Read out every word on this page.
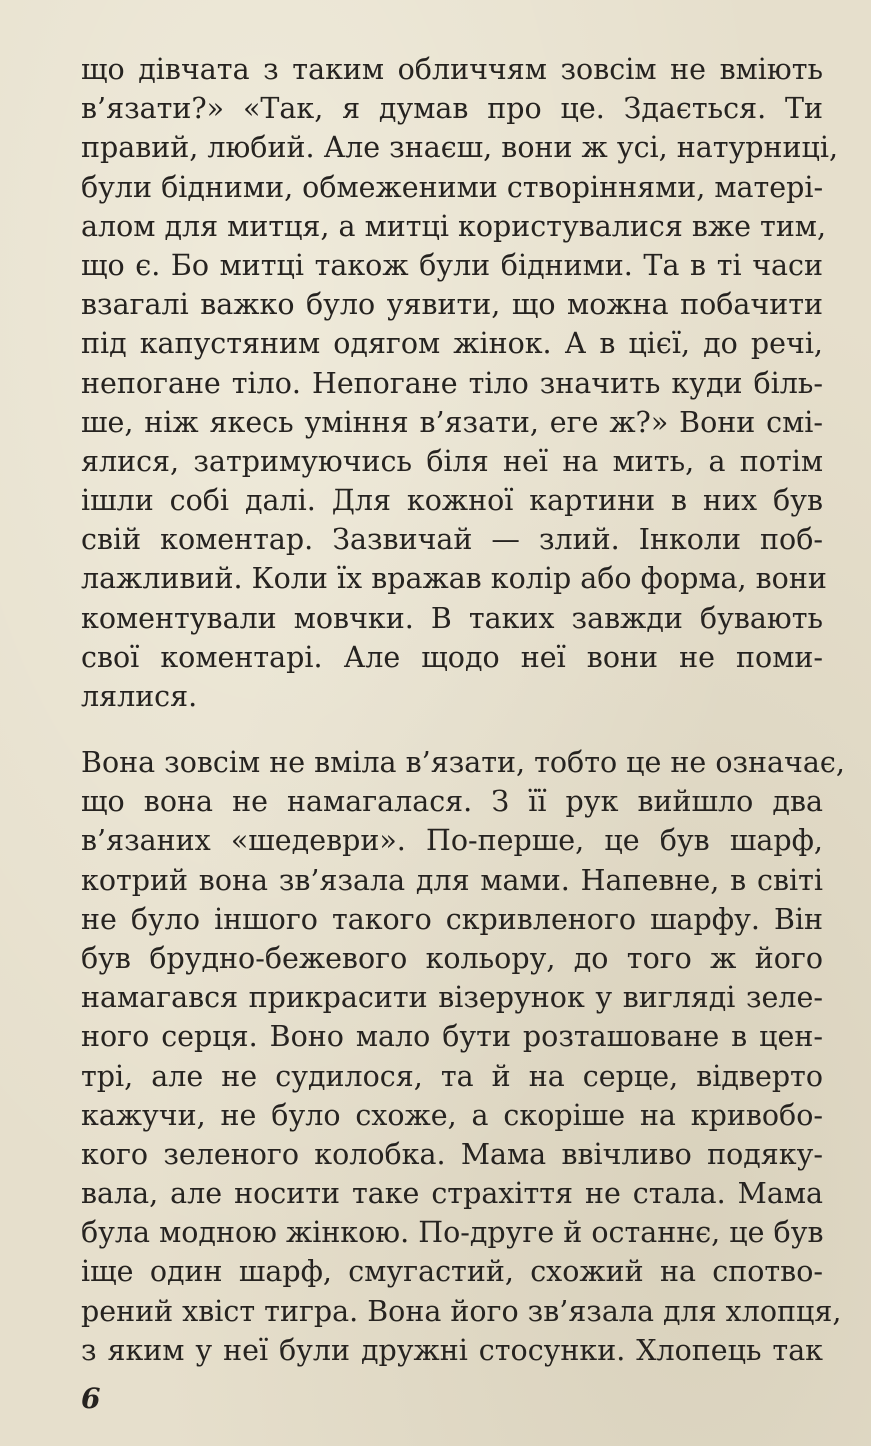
що дівчата з таким обличчям зовсім не вміють
в’язати?» «Так, я думав про це. Здається. Ти
правий, любий. Але знаєш, вони ж усі, натурниці,
були бідними, обмеженими створіннями, матері-
алом для митця, а митці користувалися вже тим,
що є. Бо митці також були бідними. Та в ті часи
взагалі важко було уявити, що можна побачити
під капустяним одягом жінок. А в цієї, до речі,
непогане тіло. Непогане тіло значить куди біль-
ше, ніж якесь уміння в’язати, еге ж?» Вони смі-
ялися, затримуючись біля неї на мить, а потім
ішли собі далі. Для кожної картини в них був
свій коментар. Зазвичай — злий. Інколи поб-
лажливий. Коли їх вражав колір або форма, вони
коментували мовчки. В таких завжди бувають
свої коментарі. Але щодо неї вони не поми-
лялися.
Вона зовсім не вміла в’язати, тобто це не означає,
що вона не намагалася. З її рук вийшло два
в’язаних «шедеври». По-перше, це був шарф,
котрий вона зв’язала для мами. Напевне, в світі
не було іншого такого скривленого шарфу. Він
був брудно-бежевого кольору, до того ж його
намагався прикрасити візерунок у вигляді зеле-
ного серця. Воно мало бути розташоване в цен-
трі, але не судилося, та й на серце, відверто
кажучи, не було схоже, а скоріше на кривобо-
кого зеленого колобка. Мама ввічливо подяку-
вала, але носити таке страхіття не стала. Мама
була модною жінкою. По-друге й останнє, це був
іще один шарф, смугастий, схожий на спотво-
рений хвіст тигра. Вона його зв’язала для хлопця,
з яким у неї були дружні стосунки. Хлопець так
6
